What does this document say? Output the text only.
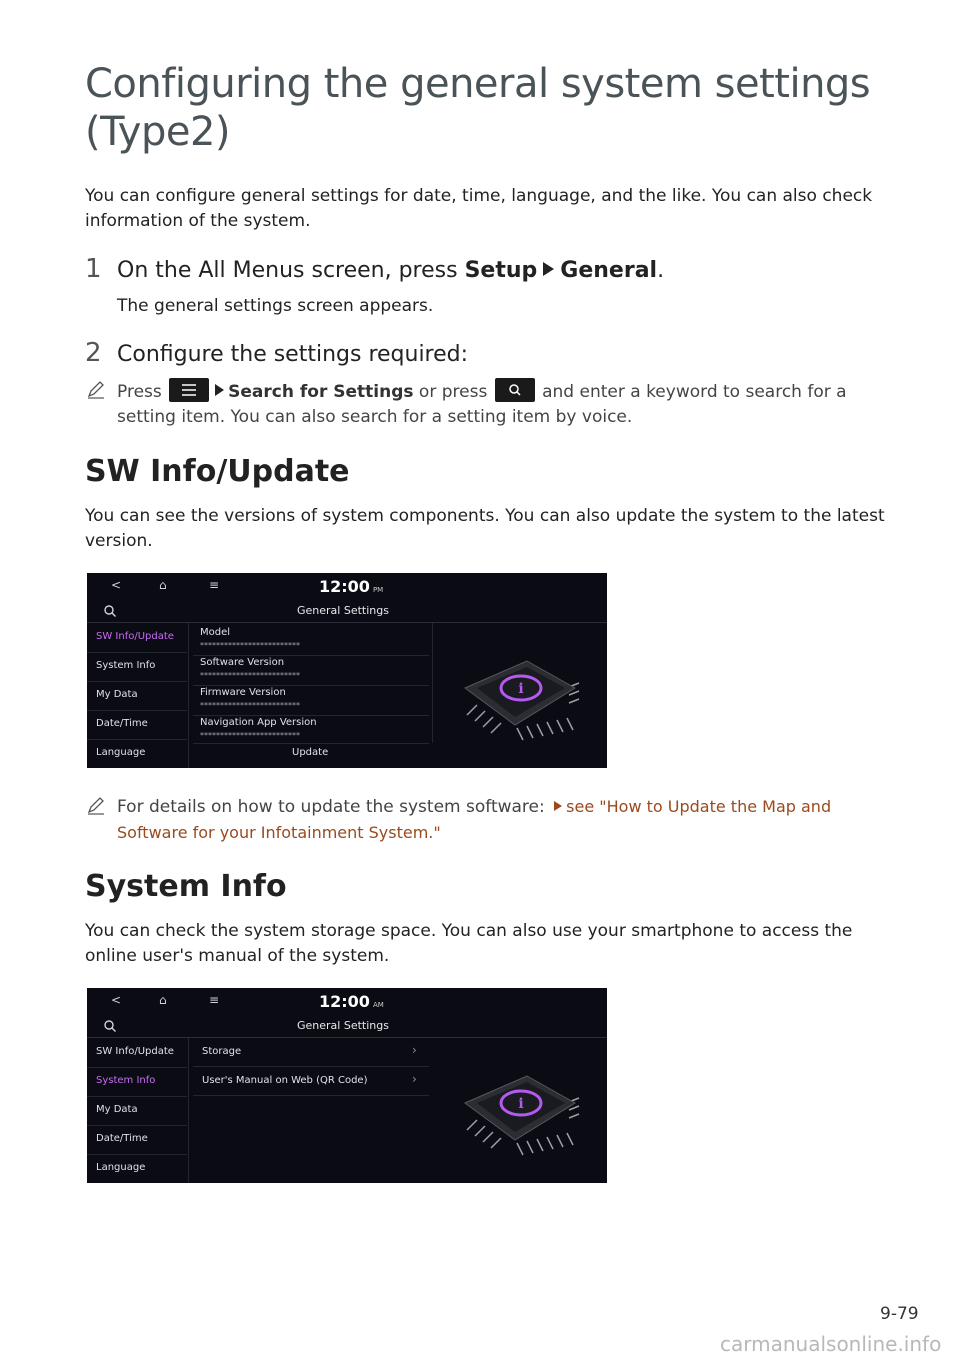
Configuring the general system settings (Type2)
You can configure general settings for date, time, language, and the like. You can also check information of the system.
1 On the All Menus screen, press Setup General.
The general settings screen appears.
2 Configure the settings required:
Press	Search for Settings or press	and enter a keyword to search for a setting item. You can also search for a setting item by voice.
SW Info/Update
You can see the versions of system components. You can also update the system to the latest version.
<	⌂	≡	12:00 PM
General Settings
SW Info/Update
System Info
My Data
Date/Time
Language
Model
*************************
Software Version
*************************
Firmware Version
*************************
Navigation App Version
*************************
Update
i
For details on how to update the system software: see "How to Update the Map and Software for your Infotainment System."
System Info
You can check the system storage space. You can also use your smartphone to access the online user's manual of the system.
<	⌂	≡	12:00 AM
General Settings
SW Info/Update
System Info
My Data
Date/Time
Language
Storage	›
User's Manual on Web (QR Code)	›
i
9-79
carmanualsonline.info
